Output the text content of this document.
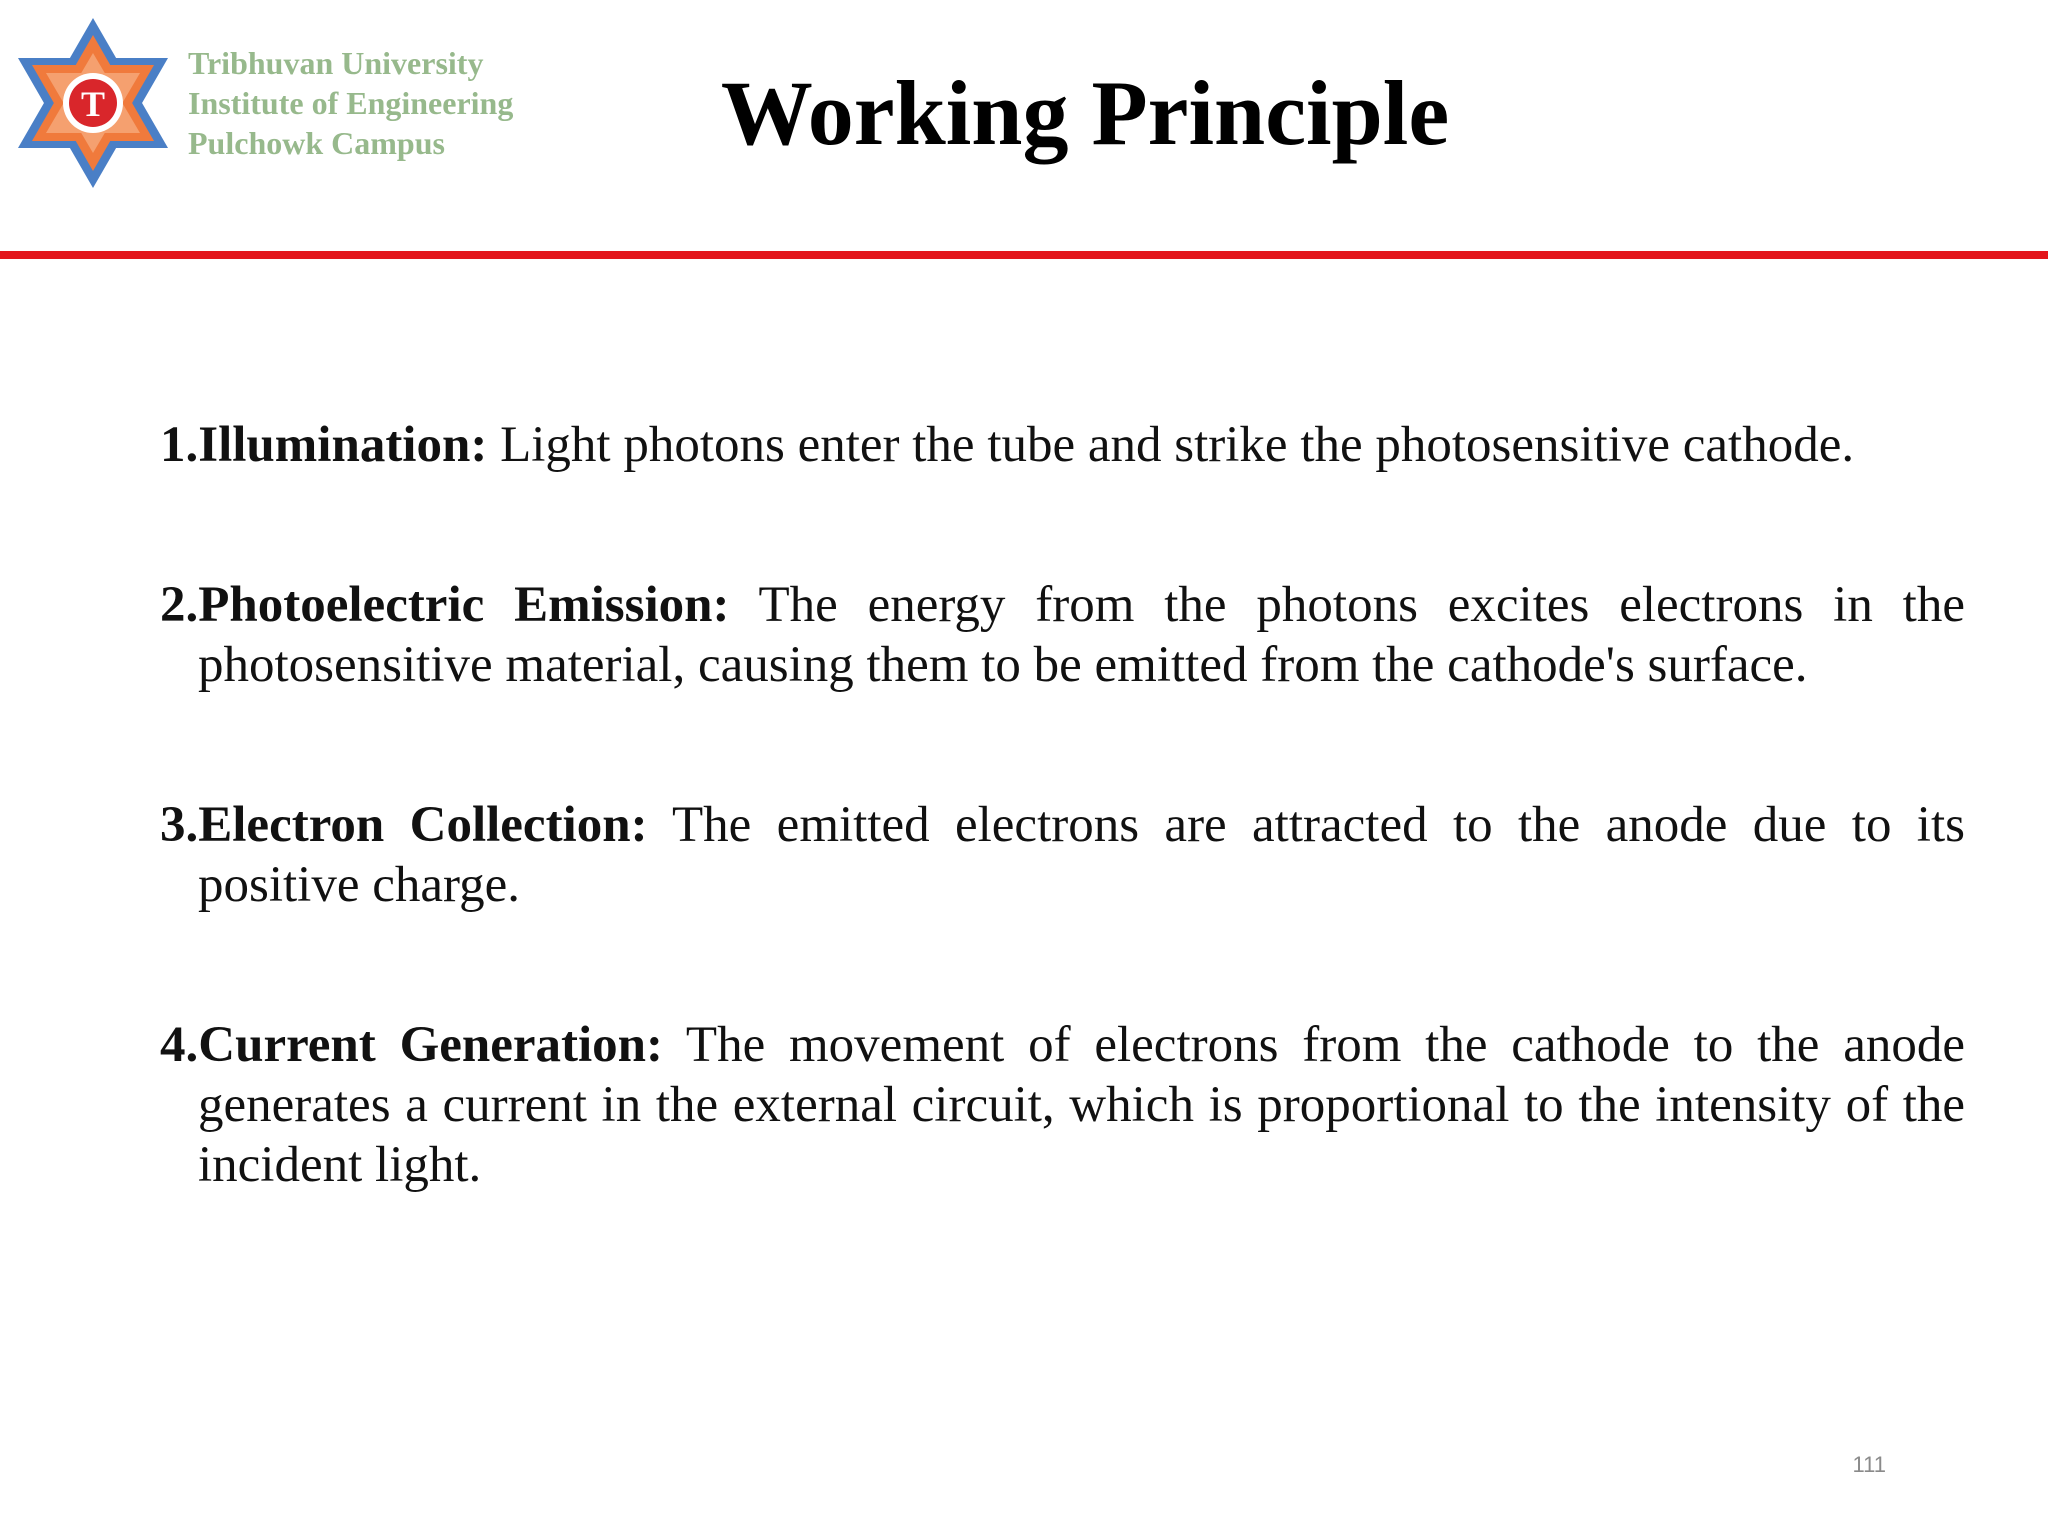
T
Tribhuvan University
Institute of Engineering
Pulchowk Campus	Working Principle
1.Illumination: Light photons enter the tube and strike the photosensitive cathode.
2.Photoelectric Emission: The energy from the photons excites electrons in the photosensitive material, causing them to be emitted from the cathode's surface.
3.Electron Collection: The emitted electrons are attracted to the anode due to its positive charge.
4.Current Generation: The movement of electrons from the cathode to the anode generates a current in the external circuit, which is proportional to the intensity of the incident light.
111
